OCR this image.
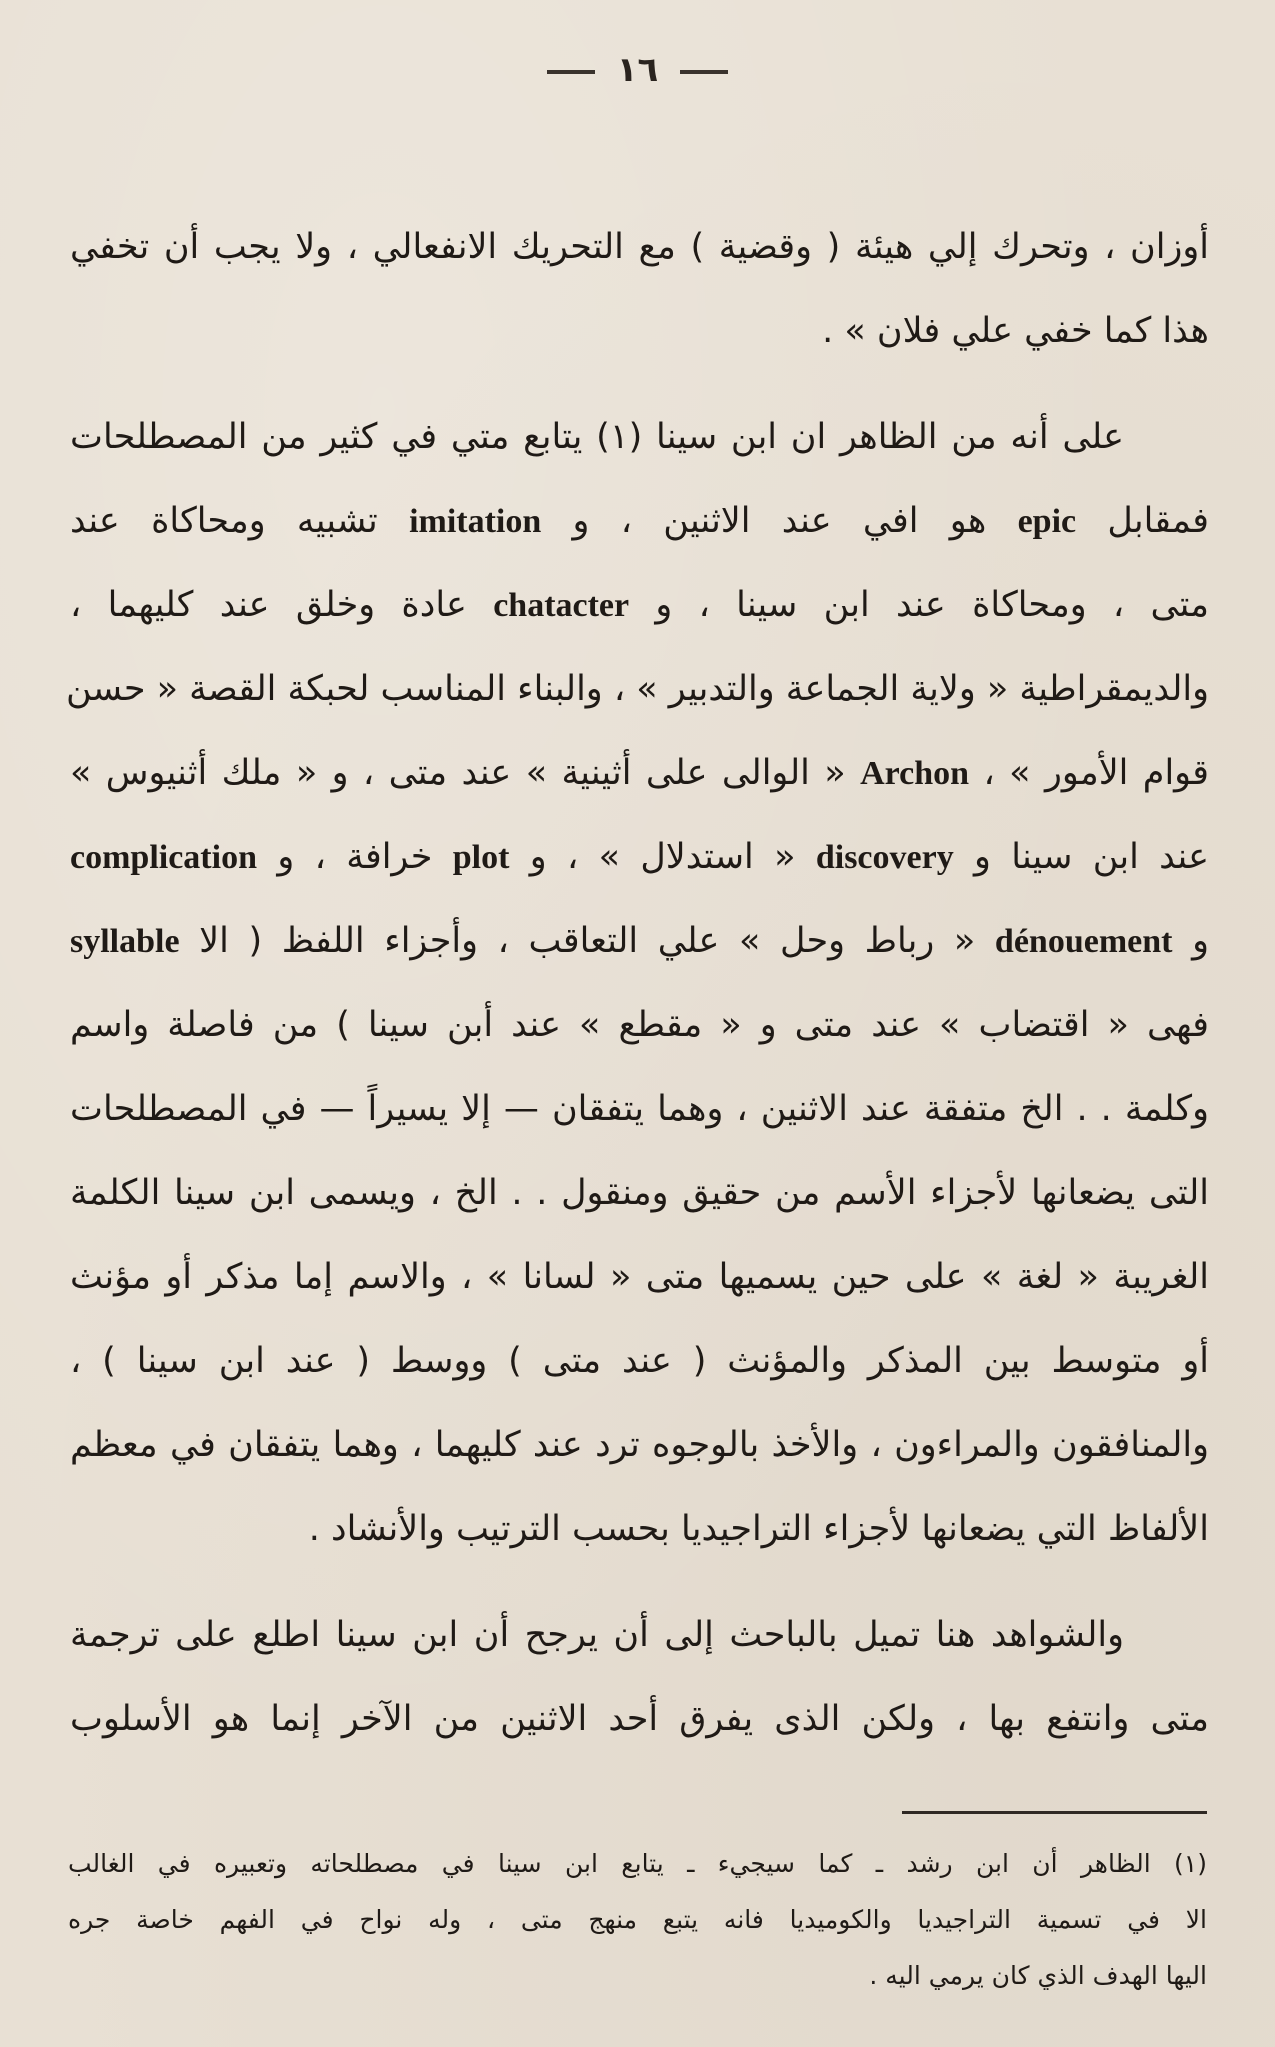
١٦
أوزان ، وتحرك إلي هيئة ( وقضية ) مع التحريك الانفعالي ، ولا يجب أن تخفي
هذا كما خفي علي فلان » .
على أنه من الظاهر ان ابن سينا (١) يتابع متي في كثير من المصطلحات
فمقابل epic هو افي عند الاثنين ، و imitation تشبيه ومحاكاة عند
متى ، ومحاكاة عند ابن سينا ، و chatacter عادة وخلق عند كليهما ،
والديمقراطية « ولاية الجماعة والتدبير » ، والبناء المناسب لحبكة القصة « حسن
قوام الأمور » ، Archon « الوالى على أثينية » عند متى ، و « ملك أثنيوس »
عند ابن سينا و discovery « استدلال » ، و plot خرافة ، و complication
و dénouement « رباط وحل » علي التعاقب ، وأجزاء اللفظ ( الا syllable
فهى « اقتضاب » عند متى و « مقطع » عند أبن سينا ) من فاصلة واسم
وكلمة . . الخ متفقة عند الاثنين ، وهما يتفقان — إلا يسيراً — في المصطلحات
التى يضعانها لأجزاء الأسم من حقيق ومنقول . . الخ ، ويسمى ابن سينا الكلمة
الغريبة « لغة » على حين يسميها متى « لسانا » ، والاسم إما مذكر أو مؤنث
أو متوسط بين المذكر والمؤنث ( عند متى ) ووسط ( عند ابن سينا ) ،
والمنافقون والمراءون ، والأخذ بالوجوه ترد عند كليهما ، وهما يتفقان في معظم
الألفاظ التي يضعانها لأجزاء التراجيديا بحسب الترتيب والأنشاد .
والشواهد هنا تميل بالباحث إلى أن يرجح أن ابن سينا اطلع على ترجمة
متى وانتفع بها ، ولكن الذى يفرق أحد الاثنين من الآخر إنما هو الأسلوب
(١) الظاهر أن ابن رشد ـ كما سيجيء ـ يتابع ابن سينا في مصطلحاته وتعبيره في الغالب
الا في تسمية التراجيديا والكوميديا فانه يتبع منهج متى ، وله نواح في الفهم خاصة جره
اليها الهدف الذي كان يرمي اليه .
